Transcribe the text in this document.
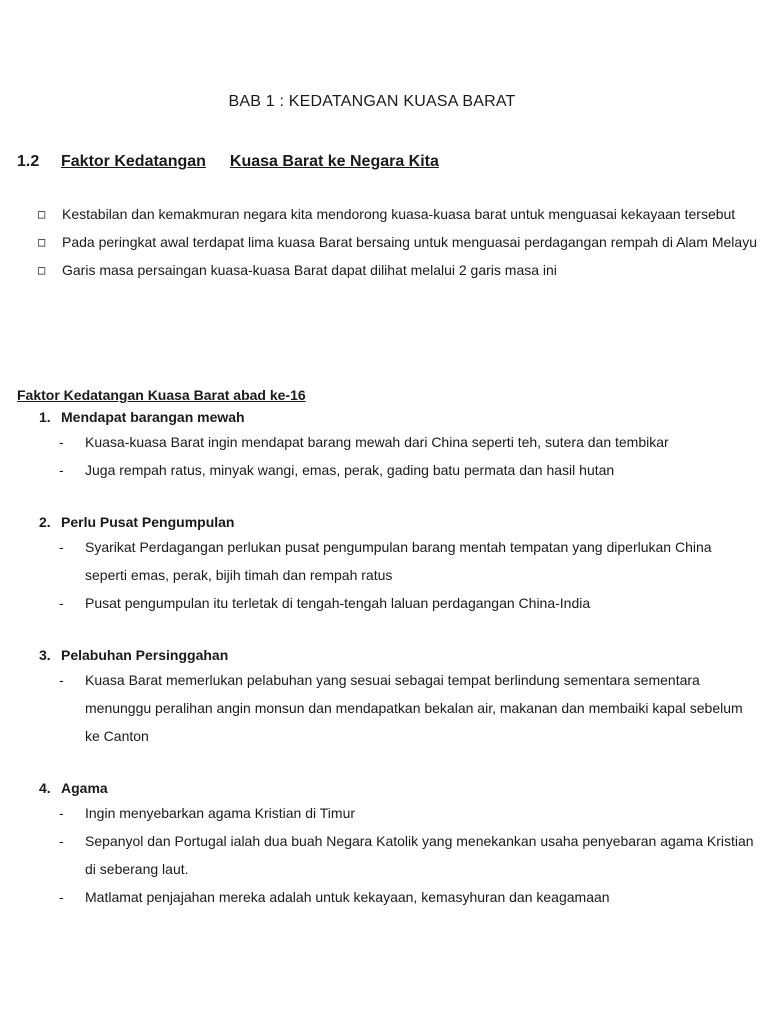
BAB 1 : KEDATANGAN KUASA BARAT
1.2 Faktor Kedatangan Kuasa Barat ke Negara Kita
□	Kestabilan dan kemakmuran negara kita mendorong kuasa-kuasa barat untuk menguasai kekayaan tersebut
□	Pada peringkat awal terdapat lima kuasa Barat bersaing untuk menguasai perdagangan rempah di Alam Melayu
□	Garis masa persaingan kuasa-kuasa Barat dapat dilihat melalui 2 garis masa ini
Faktor Kedatangan Kuasa Barat abad ke-16
1. Mendapat barangan mewah
-	Kuasa-kuasa Barat ingin mendapat barang mewah dari China seperti teh, sutera dan tembikar
-	Juga rempah ratus, minyak wangi, emas, perak, gading batu permata dan hasil hutan
2. Perlu Pusat Pengumpulan
-	Syarikat Perdagangan perlukan pusat pengumpulan barang mentah tempatan yang diperlukan China seperti emas, perak, bijih timah dan rempah ratus
-	Pusat pengumpulan itu terletak di tengah-tengah laluan perdagangan China-India
3. Pelabuhan Persinggahan
-	Kuasa Barat memerlukan pelabuhan yang sesuai sebagai tempat berlindung sementara sementara menunggu peralihan angin monsun dan mendapatkan bekalan air, makanan dan membaiki kapal sebelum ke Canton
4. Agama
-	Ingin menyebarkan agama Kristian di Timur
-	Sepanyol dan Portugal ialah dua buah Negara Katolik yang menekankan usaha penyebaran agama Kristian di seberang laut.
-	Matlamat penjajahan mereka adalah untuk kekayaan, kemasyhuran dan keagamaan
